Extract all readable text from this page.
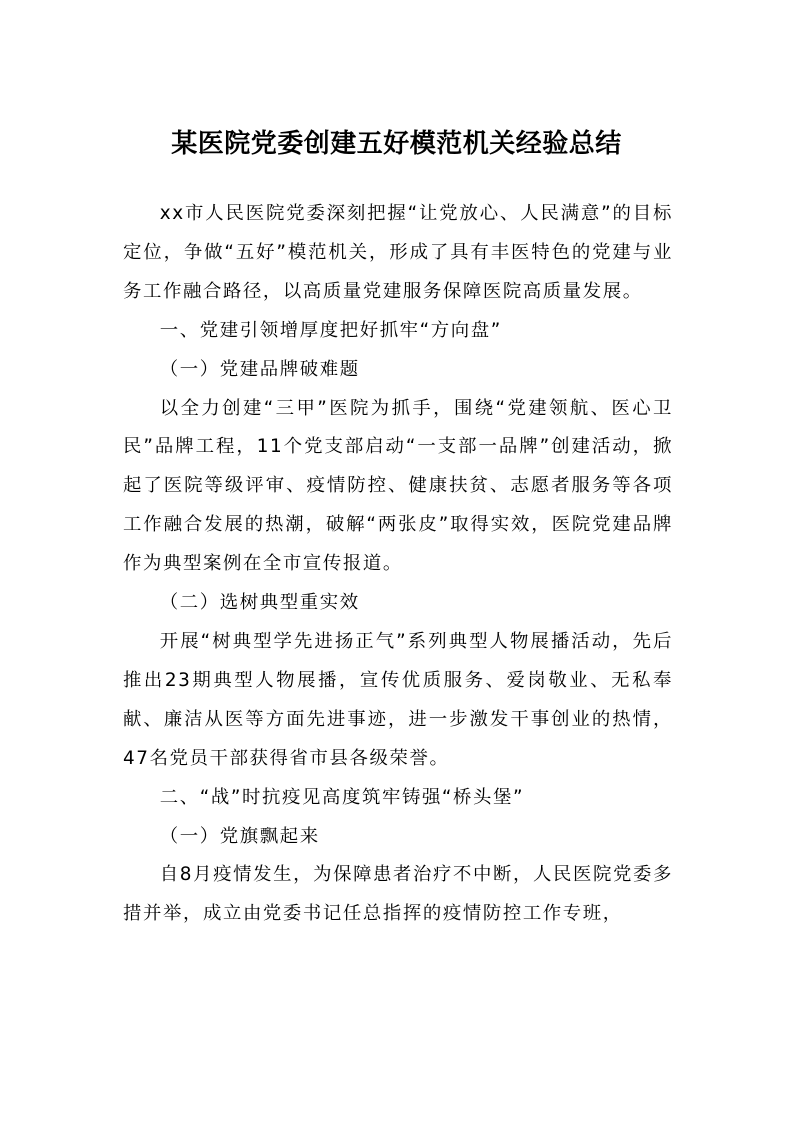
某医院党委创建五好模范机关经验总结

xx市人民医院党委深刻把握“让党放心、人民满意”的目标定位，争做“五好”模范机关，形成了具有丰医特色的党建与业务工作融合路径，以高质量党建服务保障医院高质量发展。

一、党建引领增厚度把好抓牢“方向盘”

（一）党建品牌破难题

以全力创建“三甲”医院为抓手，围绕“党建领航、医心卫民”品牌工程，11个党支部启动“一支部一品牌”创建活动，掀起了医院等级评审、疫情防控、健康扶贫、志愿者服务等各项工作融合发展的热潮，破解“两张皮”取得实效，医院党建品牌作为典型案例在全市宣传报道。

（二）选树典型重实效

开展“树典型学先进扬正气”系列典型人物展播活动，先后推出23期典型人物展播，宣传优质服务、爱岗敬业、无私奉献、廉洁从医等方面先进事迹，进一步激发干事创业的热情，47名党员干部获得省市县各级荣誉。

二、“战”时抗疫见高度筑牢铸强“桥头堡”

（一）党旗飘起来

自8月疫情发生，为保障患者治疗不中断，人民医院党委多措并举，成立由党委书记任总指挥的疫情防控工作专班，
